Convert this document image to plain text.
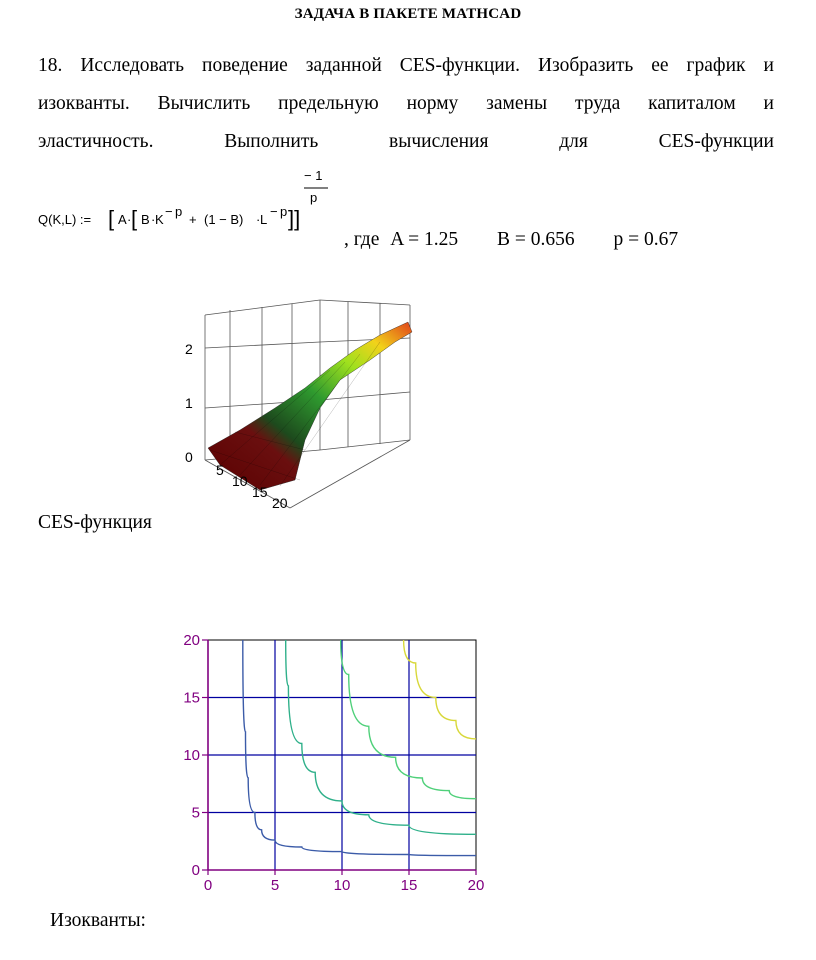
ЗАДАЧА В ПАКЕТЕ MATHCAD
18. Исследовать поведение заданной CES-функции. Изобразить ее график и
изокванты. Вычислить предельную норму замены труда капиталом и
эластичность.	Выполнить	вычисления	для	CES-функции
Q(K,L) := [ A · [ B · K
− p
+ (1 − B) · L
− p ]]
− 1
p
, где A = 1.25 B = 0.656 p = 0.67
2
1
0
5
10
15
20
CES-функция
0	5	10	15	20
0
5
10
15
20
Изокванты:
